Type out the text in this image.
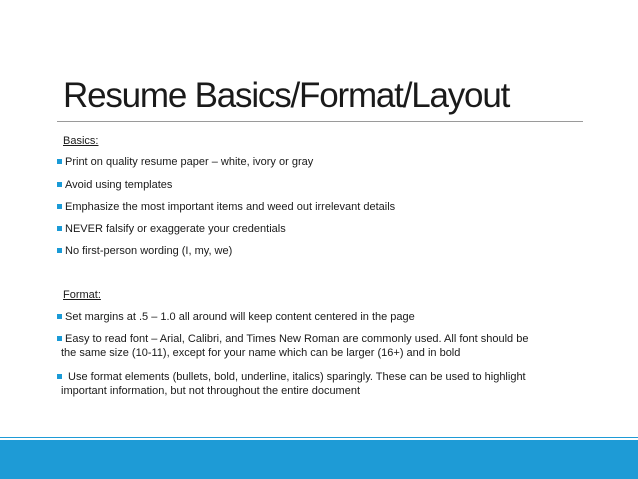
Resume Basics/Format/Layout

Basics:

Print on quality resume paper – white, ivory or gray
Avoid using templates
Emphasize the most important items and weed out irrelevant details
NEVER falsify or exaggerate your credentials
No first-person wording (I, my, we)

Format:

Set margins at .5 – 1.0 all around will keep content centered in the page
Easy to read font – Arial, Calibri, and Times New Roman are commonly used. All font should be
the same size (10-11), except for your name which can be larger (16+) and in bold
Use format elements (bullets, bold, underline, italics) sparingly. These can be used to highlight
important information, but not throughout the entire document
